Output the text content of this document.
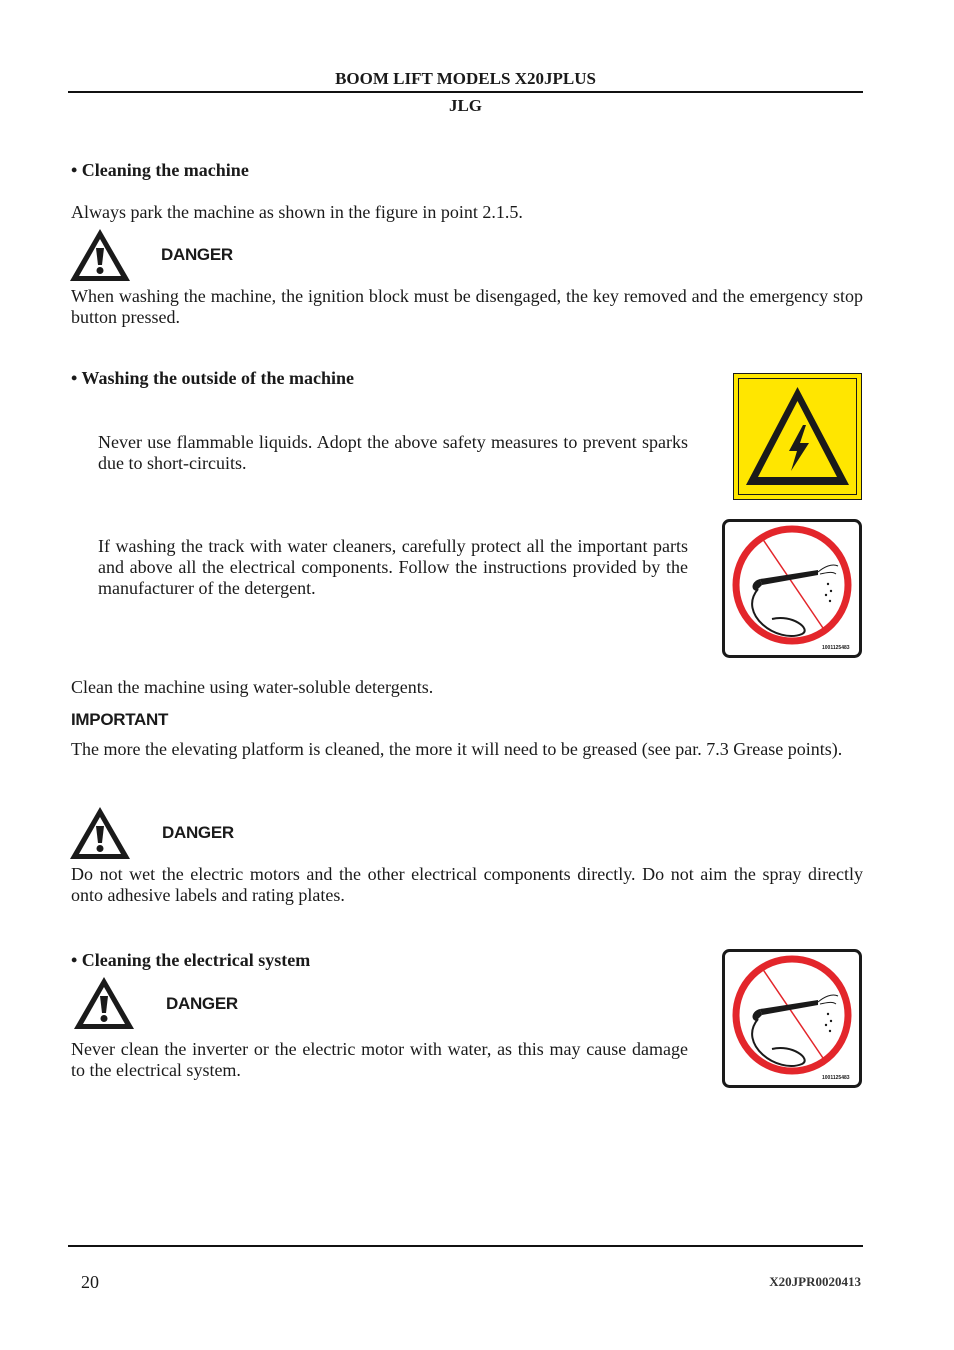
BOOM LIFT MODELS X20JPLUS
JLG
• Cleaning the machine
Always park the machine as shown in the figure in point 2.1.5.
DANGER
When washing the machine, the ignition block must be disengaged, the key removed and the emergency stop button pressed.
• Washing the outside of the machine
Never use flammable liquids. Adopt the above safety measures to prevent sparks due to short-circuits.
1001125483
If washing the track with water cleaners, carefully protect all the important parts and above all the electrical components. Follow the instructions provided by the manufacturer of the detergent.
Clean the machine using water-soluble detergents.
IMPORTANT
The more the elevating platform is cleaned, the more it will need to be greased (see par. 7.3 Grease points).
DANGER
Do not wet the electric motors and the other electrical components directly. Do not aim the spray directly onto adhesive labels and rating plates.
• Cleaning the electrical system
1001125483
DANGER
Never clean the inverter or the electric motor with water, as this may cause damage to the electrical system.
20	X20JPR0020413
